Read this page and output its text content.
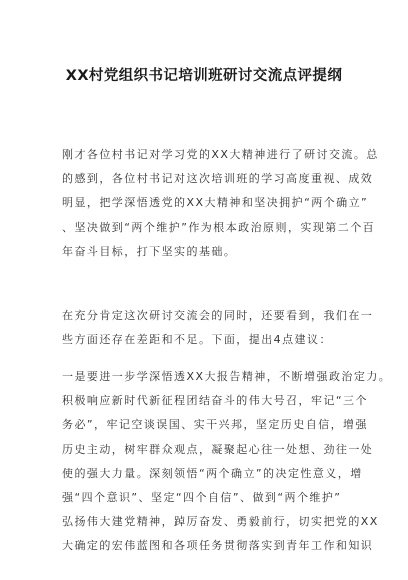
XX村党组织书记培训班研讨交流点评提纲

刚才各位村书记对学习党的XX大精神进行了研讨交流。总
的感到，各位村书记对这次培训班的学习高度重视、成效
明显，把学深悟透党的XX大精神和坚决拥护“两个确立”
、坚决做到“两个维护”作为根本政治原则，实现第二个百
年奋斗目标，打下坚实的基础。

在充分肯定这次研讨交流会的同时，还要看到，我们在一
些方面还存在差距和不足。下面，提出4点建议：

一是要进一步学深悟透XX大报告精神，不断增强政治定力。
积极响应新时代新征程团结奋斗的伟大号召，牢记“三个
务必”，牢记空谈误国、实干兴邦，坚定历史自信，增强
历史主动，树牢群众观点，凝聚起心往一处想、劲往一处
使的强大力量。深刻领悟“两个确立”的决定性意义，增
强“四个意识”、坚定“四个自信”、做到“两个维护”
弘扬伟大建党精神，踔厉奋发、勇毅前行，切实把党的XX
大确定的宏伟蓝图和各项任务贯彻落实到青年工作和知识
